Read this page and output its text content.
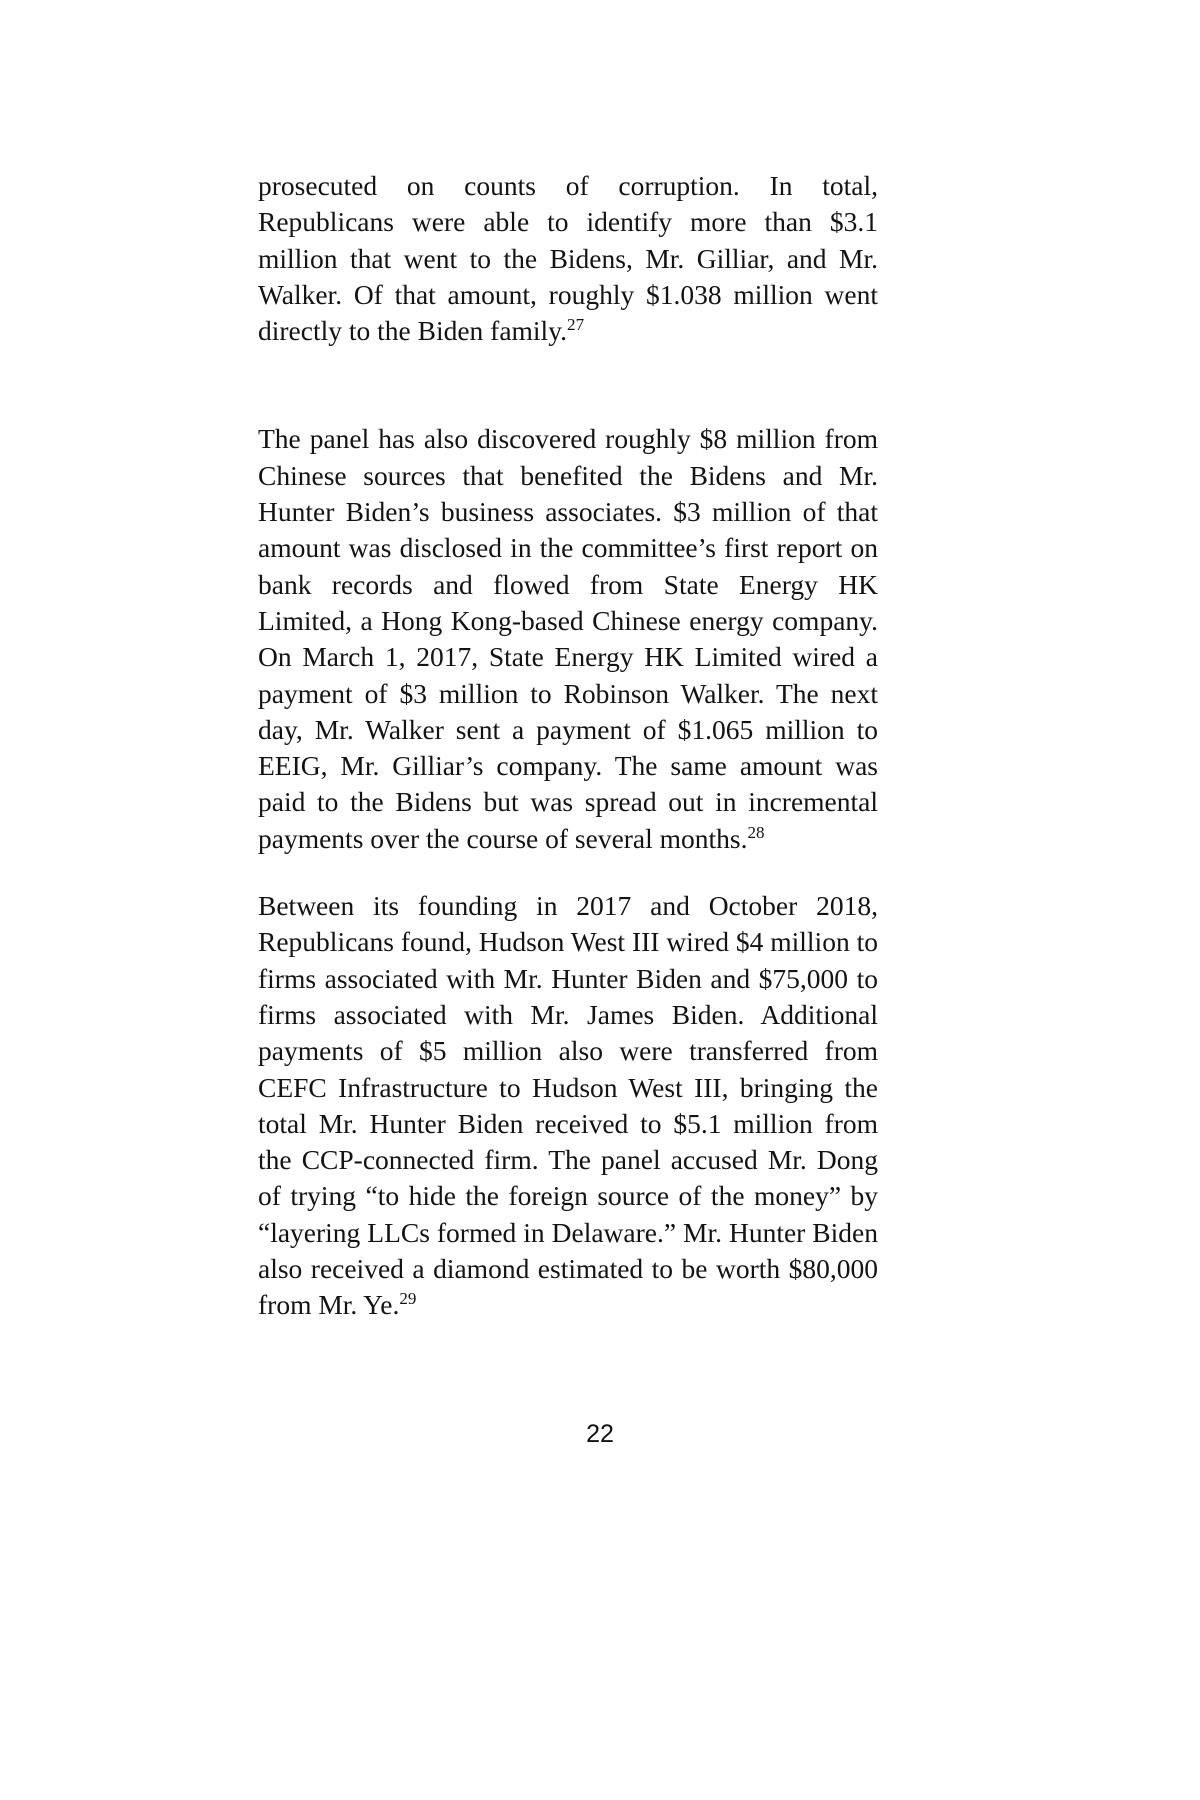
prosecuted on counts of corruption. In total, Republicans were able to identify more than $3.1 million that went to the Bidens, Mr. Gilliar, and Mr. Walker. Of that amount, roughly $1.038 million went directly to the Biden family.$^{27}$

The panel has also discovered roughly $8 million from Chinese sources that benefited the Bidens and Mr. Hunter Biden’s business associates. $3 million of that amount was disclosed in the committee’s first report on bank records and flowed from State Energy HK Limited, a Hong Kong-based Chinese energy company. On March 1, 2017, State Energy HK Limited wired a payment of $3 million to Robinson Walker. The next day, Mr. Walker sent a payment of $1.065 million to EEIG, Mr. Gilliar’s company. The same amount was paid to the Bidens but was spread out in incremental payments over the course of several months.$^{28}$

Between its founding in 2017 and October 2018, Republicans found, Hudson West III wired $4 million to firms associated with Mr. Hunter Biden and $75,000 to firms associated with Mr. James Biden. Additional payments of $5 million also were transferred from CEFC Infrastructure to Hudson West III, bringing the total Mr. Hunter Biden received to $5.1 million from the CCP-connected firm. The panel accused Mr. Dong of trying “to hide the foreign source of the money” by “layering LLCs formed in Delaware.” Mr. Hunter Biden also received a diamond estimated to be worth $80,000 from Mr. Ye.$^{29}$

22
